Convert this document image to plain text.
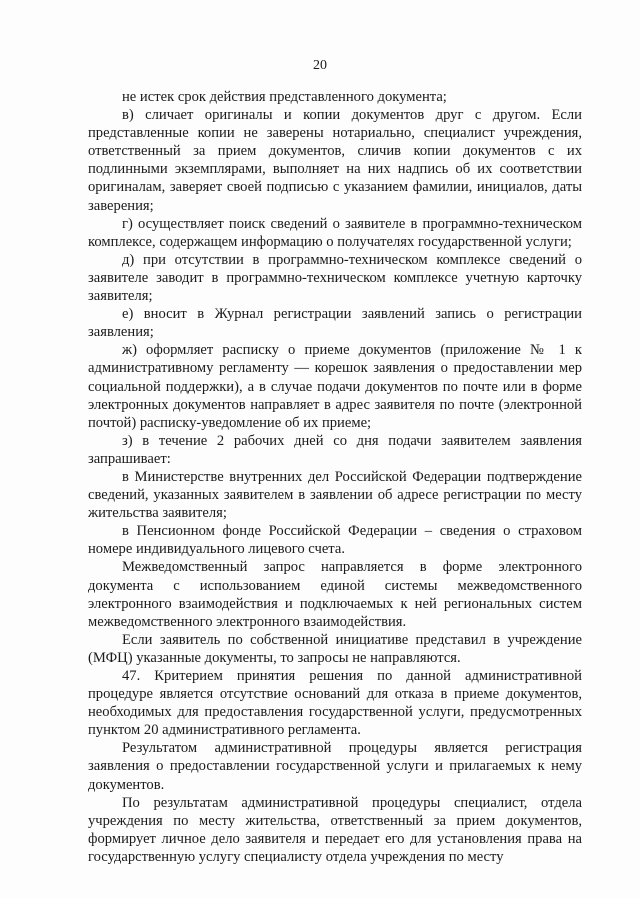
20

не истек срок действия представленного документа;

в) сличает оригиналы и копии документов друг с другом. Если представленные копии не заверены нотариально, специалист учреждения, ответственный за прием документов, сличив копии документов с их подлинными экземплярами, выполняет на них надпись об их соответствии оригиналам, заверяет своей подписью с указанием фамилии, инициалов, даты заверения;

г) осуществляет поиск сведений о заявителе в программно-техническом комплексе, содержащем информацию о получателях государственной услуги;

д) при отсутствии в программно-техническом комплексе сведений о заявителе заводит в программно-техническом комплексе учетную карточку заявителя;

е) вносит в Журнал регистрации заявлений запись о регистрации заявления;

ж) оформляет расписку о приеме документов (приложение № 1 к административному регламенту — корешок заявления о предоставлении мер социальной поддержки), а в случае подачи документов по почте или в форме электронных документов направляет в адрес заявителя по почте (электронной почтой) расписку-уведомление об их приеме;

з) в течение 2 рабочих дней со дня подачи заявителем заявления запрашивает:

в Министерстве внутренних дел Российской Федерации подтверждение сведений, указанных заявителем в заявлении об адресе регистрации по месту жительства заявителя;

в Пенсионном фонде Российской Федерации – сведения о страховом номере индивидуального лицевого счета.

Межведомственный запрос направляется в форме электронного документа с использованием единой системы межведомственного электронного взаимодействия и подключаемых к ней региональных систем межведомственного электронного взаимодействия.

Если заявитель по собственной инициативе представил в учреждение (МФЦ) указанные документы, то запросы не направляются.

47. Критерием принятия решения по данной административной процедуре является отсутствие оснований для отказа в приеме документов, необходимых для предоставления государственной услуги, предусмотренных пунктом 20 административного регламента.

Результатом административной процедуры является регистрация заявления о предоставлении государственной услуги и прилагаемых к нему документов.

По результатам административной процедуры специалист, отдела учреждения по месту жительства, ответственный за прием документов, формирует личное дело заявителя и передает его для установления права на государственную услугу специалисту отдела учреждения по месту
